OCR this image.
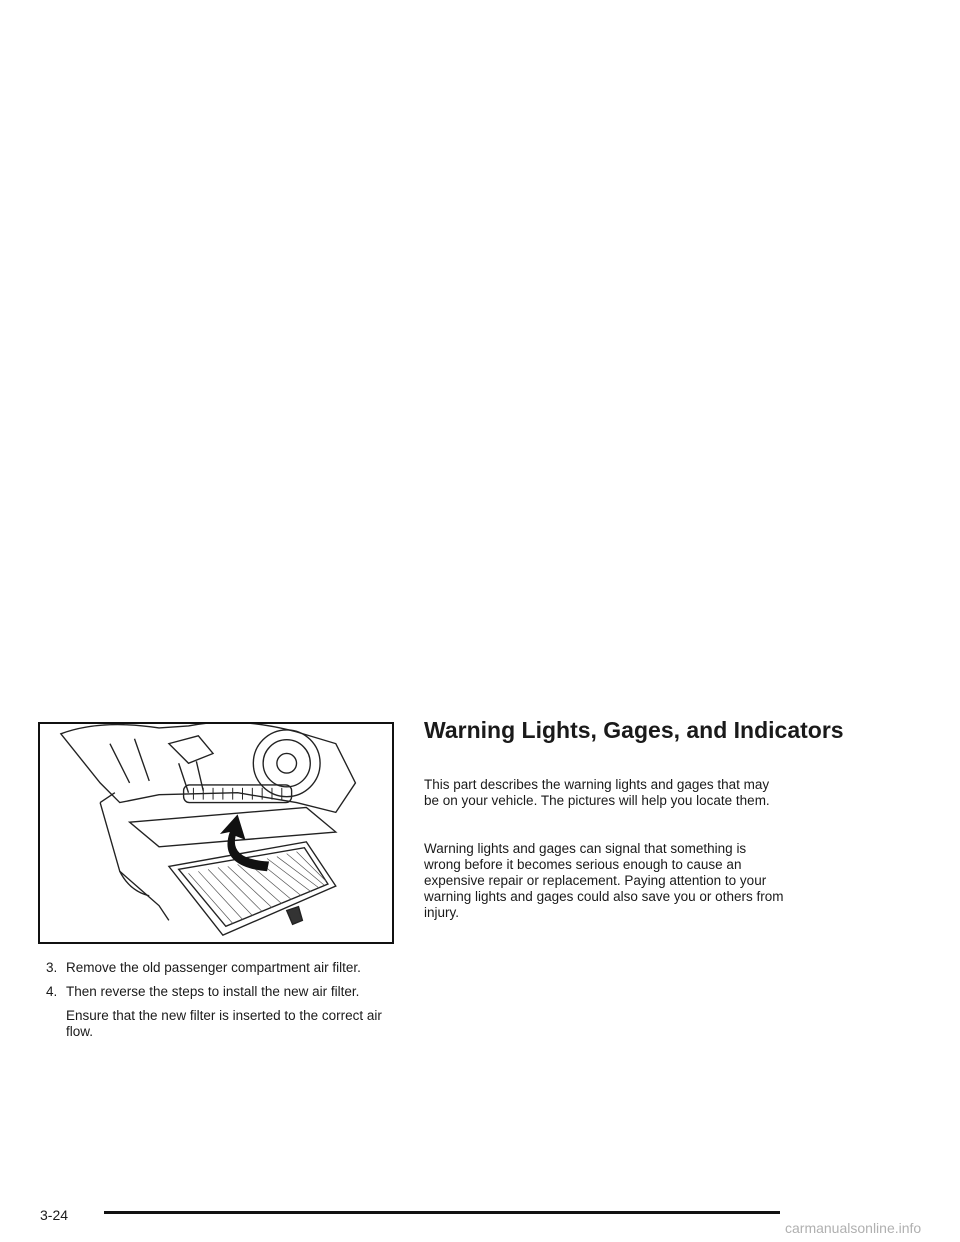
3. Remove the old passenger compartment air filter.
4. Then reverse the steps to install the new air filter.
Ensure that the new filter is inserted to the correct air flow.
Warning Lights, Gages, and Indicators

This part describes the warning lights and gages that may be on your vehicle. The pictures will help you locate them.

Warning lights and gages can signal that something is wrong before it becomes serious enough to cause an expensive repair or replacement. Paying attention to your warning lights and gages could also save you or others from injury.

3-24
carmanualsonline.info
